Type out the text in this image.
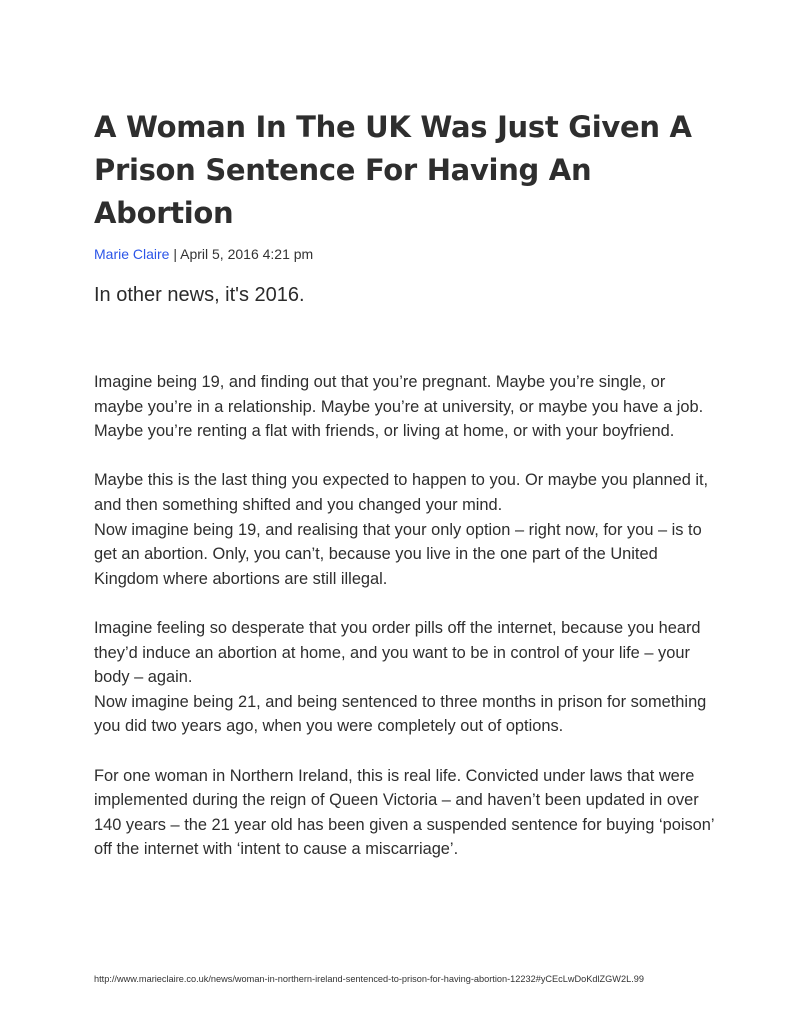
A Woman In The UK Was Just Given A
Prison Sentence For Having An Abortion
Marie Claire | April 5, 2016 4:21 pm

In other news, it's 2016.

Imagine being 19, and finding out that you’re pregnant. Maybe you’re single, or maybe you’re in a relationship. Maybe you’re at university, or maybe you have a job. Maybe you’re renting a flat with friends, or living at home, or with your boyfriend.

Maybe this is the last thing you expected to happen to you. Or maybe you planned it, and then something shifted and you changed your mind.

Now imagine being 19, and realising that your only option – right now, for you – is to get an abortion. Only, you can’t, because you live in the one part of the United Kingdom where abortions are still illegal.

Imagine feeling so desperate that you order pills off the internet, because you heard they’d induce an abortion at home, and you want to be in control of your life – your body – again.

Now imagine being 21, and being sentenced to three months in prison for something you did two years ago, when you were completely out of options.

For one woman in Northern Ireland, this is real life. Convicted under laws that were implemented during the reign of Queen Victoria – and haven’t been updated in over 140 years – the 21 year old has been given a suspended sentence for buying ‘poison’ off the internet with ‘intent to cause a miscarriage’.

http://www.marieclaire.co.uk/news/woman-in-northern-ireland-sentenced-to-prison-for-having-abortion-12232#yCEcLwDoKdlZGW2L.99
